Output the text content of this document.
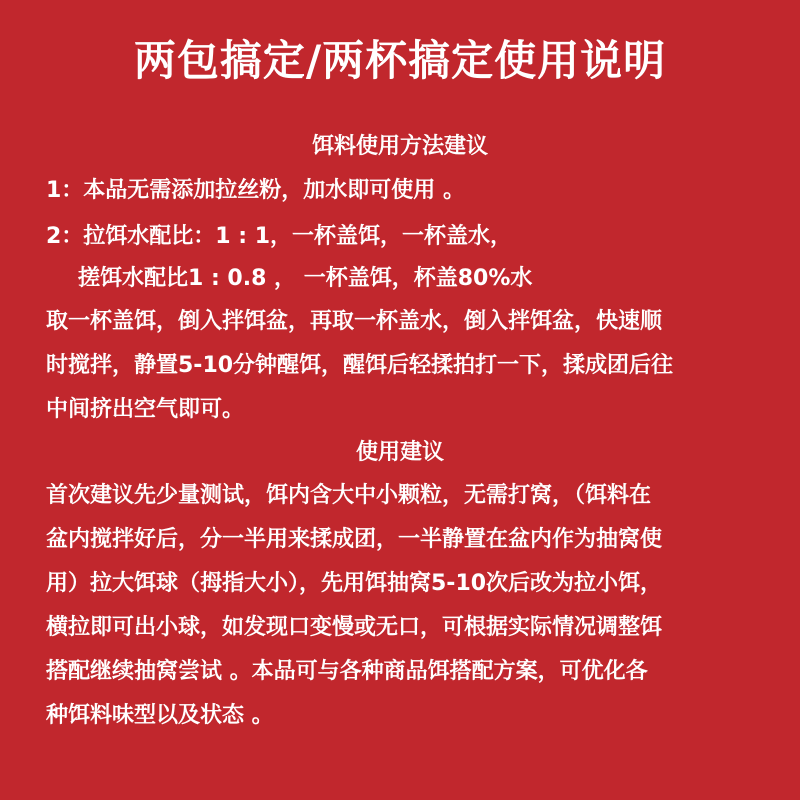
两包搞定/两杯搞定使用说明
饵料使用方法建议
1：本品无需添加拉丝粉，加水即可使用 。
2：拉饵水配比：1 : 1，一杯盖饵，一杯盖水，
搓饵水配比1 : 0.8 ， 一杯盖饵，杯盖80%水
取一杯盖饵，倒入拌饵盆，再取一杯盖水，倒入拌饵盆，快速顺
时搅拌，静置5-10分钟醒饵，醒饵后轻揉拍打一下，揉成团后往
中间挤出空气即可。
使用建议
首次建议先少量测试，饵内含大中小颗粒，无需打窝，（饵料在
盆内搅拌好后，分一半用来揉成团，一半静置在盆内作为抽窝使
用）拉大饵球（拇指大小），先用饵抽窝5-10次后改为拉小饵，
横拉即可出小球，如发现口变慢或无口，可根据实际情况调整饵
搭配继续抽窝尝试 。本品可与各种商品饵搭配方案，可优化各
种饵料味型以及状态 。
